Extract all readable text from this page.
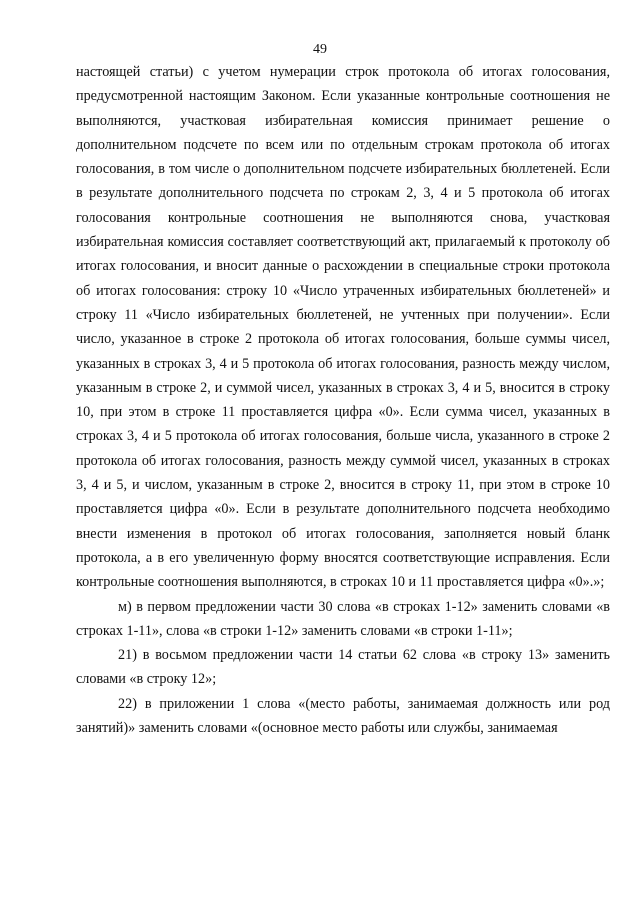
49

настоящей статьи) с учетом нумерации строк протокола об итогах голосования, предусмотренной настоящим Законом. Если указанные контрольные соотношения не выполняются, участковая избирательная комиссия принимает решение о дополнительном подсчете по всем или по отдельным строкам протокола об итогах голосования, в том числе о дополнительном подсчете избирательных бюллетеней. Если в результате дополнительного подсчета по строкам 2, 3, 4 и 5 протокола об итогах голосования контрольные соотношения не выполняются снова, участковая избирательная комиссия составляет соответствующий акт, прилагаемый к протоколу об итогах голосования, и вносит данные о расхождении в специальные строки протокола об итогах голосования: строку 10 «Число утраченных избирательных бюллетеней» и строку 11 «Число избирательных бюллетеней, не учтенных при получении». Если число, указанное в строке 2 протокола об итогах голосования, больше суммы чисел, указанных в строках 3, 4 и 5 протокола об итогах голосования, разность между числом, указанным в строке 2, и суммой чисел, указанных в строках 3, 4 и 5, вносится в строку 10, при этом в строке 11 проставляется цифра «0». Если сумма чисел, указанных в строках 3, 4 и 5 протокола об итогах голосования, больше числа, указанного в строке 2 протокола об итогах голосования, разность между суммой чисел, указанных в строках 3, 4 и 5, и числом, указанным в строке 2, вносится в строку 11, при этом в строке 10 проставляется цифра «0». Если в результате дополнительного подсчета необходимо внести изменения в протокол об итогах голосования, заполняется новый бланк протокола, а в его увеличенную форму вносятся соответствующие исправления. Если контрольные соотношения выполняются, в строках 10 и 11 проставляется цифра «0».»;

м) в первом предложении части 30 слова «в строках 1-12» заменить словами «в строках 1-11», слова «в строки 1-12» заменить словами «в строки 1-11»;

21) в восьмом предложении части 14 статьи 62 слова «в строку 13» заменить словами «в строку 12»;

22) в приложении 1 слова «(место работы, занимаемая должность или род занятий)» заменить словами «(основное место работы или службы, занимаемая
